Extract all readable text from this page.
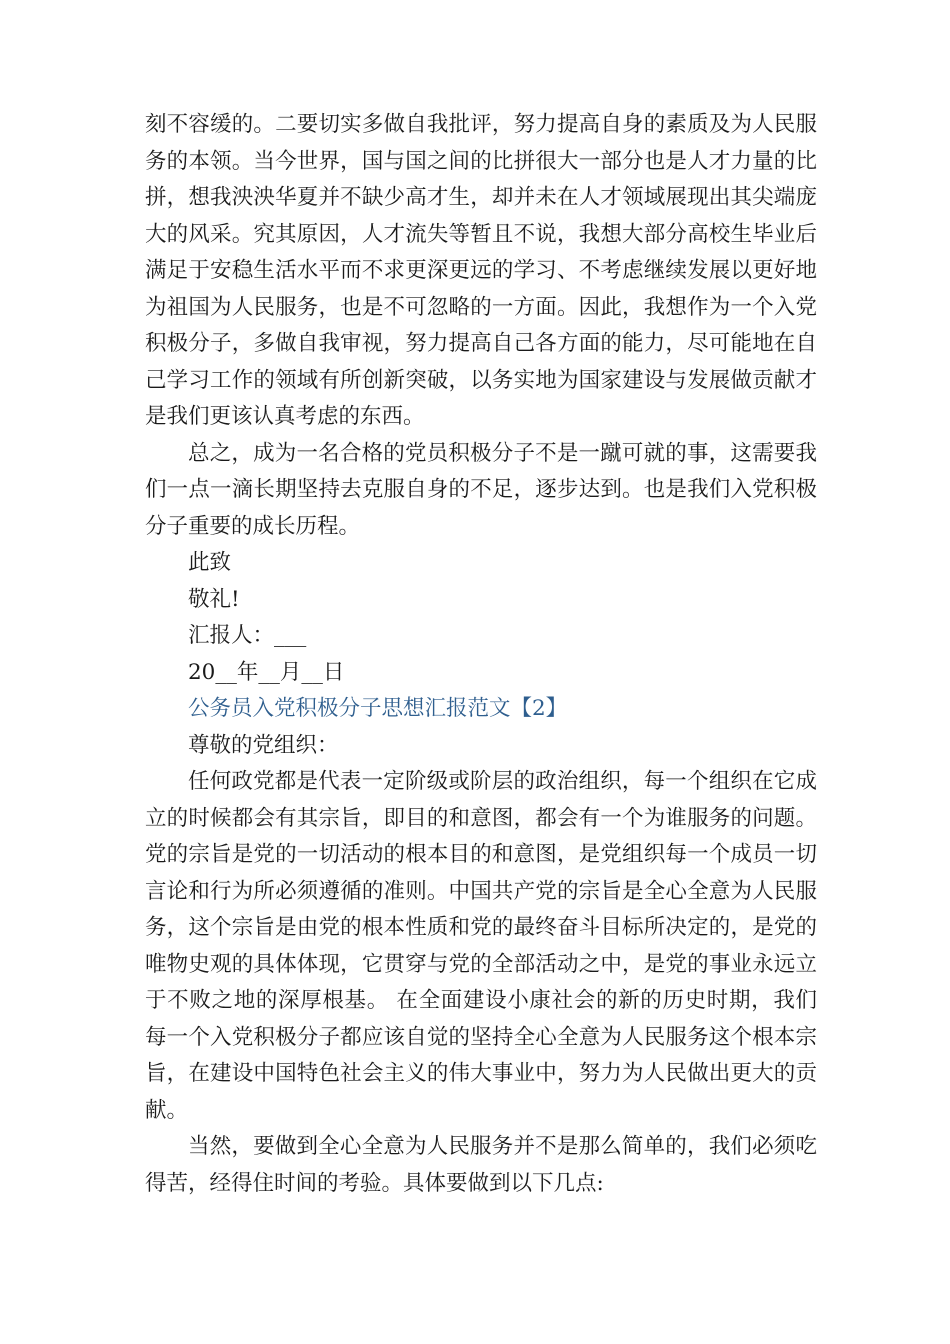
刻不容缓的。二要切实多做自我批评，努力提高自身的素质及为人民服务的本领。当今世界，国与国之间的比拼很大一部分也是人才力量的比拼，想我泱泱华夏并不缺少高才生，却并未在人才领域展现出其尖端庞大的风采。究其原因，人才流失等暂且不说，我想大部分高校生毕业后满足于安稳生活水平而不求更深更远的学习、不考虑继续发展以更好地为祖国为人民服务，也是不可忽略的一方面。因此，我想作为一个入党积极分子，多做自我审视，努力提高自己各方面的能力，尽可能地在自己学习工作的领域有所创新突破，以务实地为国家建设与发展做贡献才是我们更该认真考虑的东西。

总之，成为一名合格的党员积极分子不是一蹴可就的事，这需要我们一点一滴长期坚持去克服自身的不足，逐步达到。也是我们入党积极分子重要的成长历程。

此致

敬礼!

汇报人：___

20__年__月__日

公务员入党积极分子思想汇报范文【2】

尊敬的党组织：

任何政党都是代表一定阶级或阶层的政治组织，每一个组织在它成立的时候都会有其宗旨，即目的和意图，都会有一个为谁服务的问题。党的宗旨是党的一切活动的根本目的和意图，是党组织每一个成员一切言论和行为所必须遵循的准则。中国共产党的宗旨是全心全意为人民服务，这个宗旨是由党的根本性质和党的最终奋斗目标所决定的，是党的唯物史观的具体体现，它贯穿与党的全部活动之中，是党的事业永远立于不败之地的深厚根基。 在全面建设小康社会的新的历史时期，我们每一个入党积极分子都应该自觉的坚持全心全意为人民服务这个根本宗旨，在建设中国特色社会主义的伟大事业中，努力为人民做出更大的贡献。

当然，要做到全心全意为人民服务并不是那么简单的，我们必须吃得苦，经得住时间的考验。具体要做到以下几点:
